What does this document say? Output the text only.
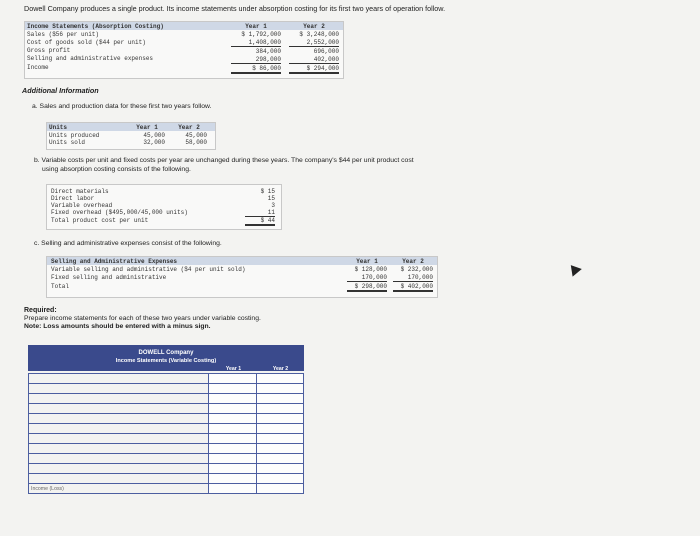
Dowell Company produces a single product. Its income statements under absorption costing for its first two years of operation follow.
Income Statements (Absorption Costing)	Year 1	Year 2
Sales ($56 per unit)	$ 1,792,000	$ 3,248,000
Cost of goods sold ($44 per unit)	1,408,000	2,552,000
Gross profit	384,000	696,000
Selling and administrative expenses	298,000	402,000
Income	$ 86,000	$ 294,000
Additional Information
a. Sales and production data for these first two years follow.
Units	Year 1	Year 2
Units produced	45,000	45,000
Units sold	32,000	58,000
b. Variable costs per unit and fixed costs per year are unchanged during these years. The company's $44 per unit product cost
using absorption costing consists of the following.
Direct materials	$ 15
Direct labor	15
Variable overhead	3
Fixed overhead ($495,000/45,000 units)	11
Total product cost per unit	$ 44
c. Selling and administrative expenses consist of the following.
Selling and Administrative Expenses	Year 1	Year 2
Variable selling and administrative ($4 per unit sold)	$ 128,000	$ 232,000
Fixed selling and administrative	170,000	170,000
Total	$ 298,000	$ 402,000
Required:
Prepare income statements for each of these two years under variable costing.
Note: Loss amounts should be entered with a minus sign.
DOWELL Company
Income Statements (Variable Costing)
Year 1	Year 2

Income (Loss)		
